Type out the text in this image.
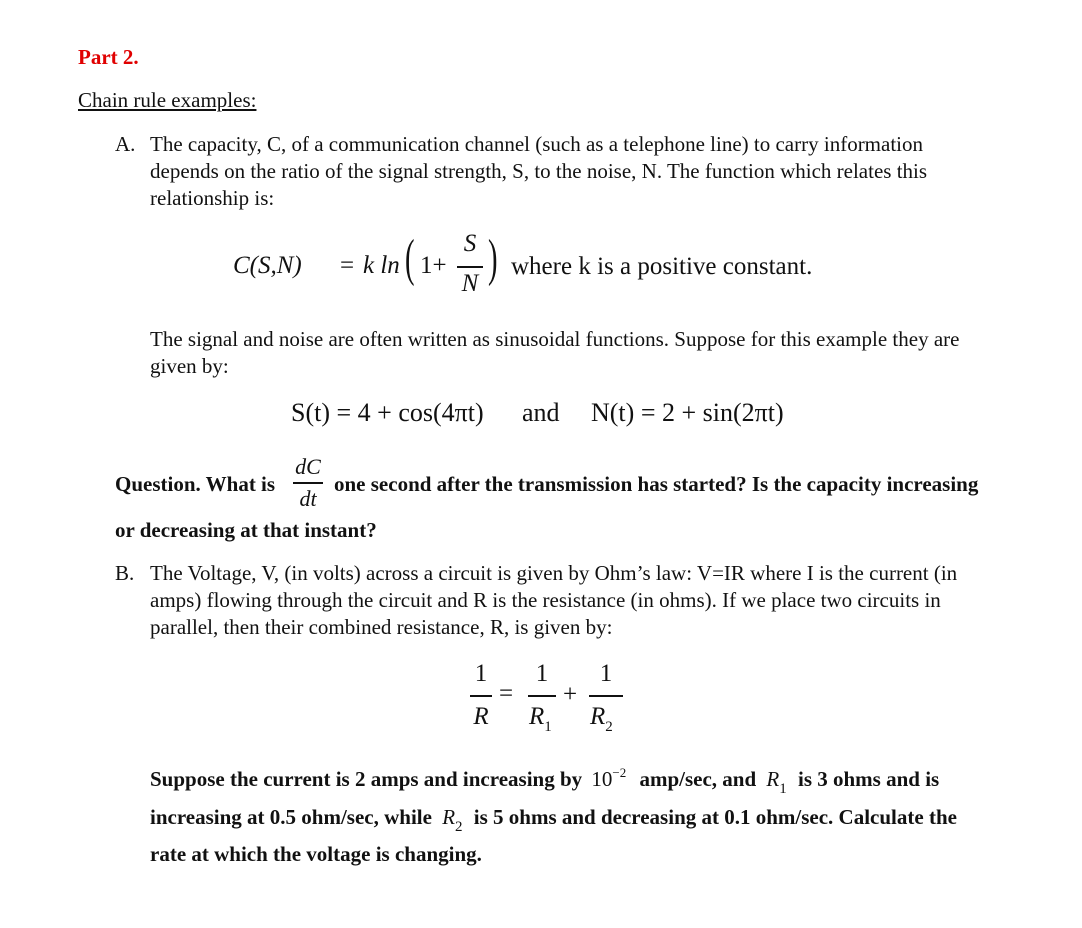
Part 2.
Chain rule examples:
A. The capacity, C, of a communication channel (such as a telephone line) to carry information
depends on the ratio of the signal strength, S, to the noise, N. The function which relates this
relationship is:
C(S,N) = k ln ( 1+
S
N ) where k is a positive constant.
The signal and noise are often written as sinusoidal functions. Suppose for this example they are
given by:
S(t) = 4 + cos(4πt) and N(t) = 2 + sin(2πt)
Question. What is
dC
dt
one second after the transmission has started? Is the capacity increasing
or decreasing at that instant?
B. The Voltage, V, (in volts) across a circuit is given by Ohm’s law: V=IR where I is the current (in
amps) flowing through the circuit and R is the resistance (in ohms). If we place two circuits in
parallel, then their combined resistance, R, is given by:
1
R
=
1
$R_1$
+
1
$R_2$
Suppose the current is 2 amps and increasing by $10^{-2}$ amp/sec, and $R_1$ is 3 ohms and is
increasing at 0.5 ohm/sec, while $R_2$ is 5 ohms and decreasing at 0.1 ohm/sec. Calculate the
rate at which the voltage is changing.
